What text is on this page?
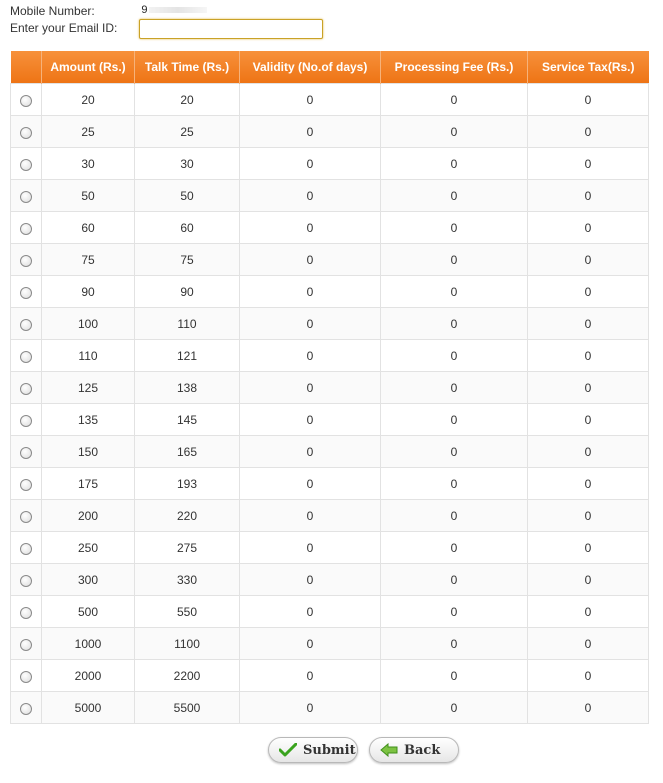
Mobile Number:	9
Enter your Email ID:
	Amount (Rs.)	Talk Time (Rs.)	Validity (No.of days)	Processing Fee (Rs.)	Service Tax(Rs.)
	20	20	0	0	0
	25	25	0	0	0
	30	30	0	0	0
	50	50	0	0	0
	60	60	0	0	0
	75	75	0	0	0
	90	90	0	0	0
	100	110	0	0	0
	110	121	0	0	0
	125	138	0	0	0
	135	145	0	0	0
	150	165	0	0	0
	175	193	0	0	0
	200	220	0	0	0
	250	275	0	0	0
	300	330	0	0	0
	500	550	0	0	0
	1000	1100	0	0	0
	2000	2200	0	0	0
	5000	5500	0	0	0
Submit	Back
